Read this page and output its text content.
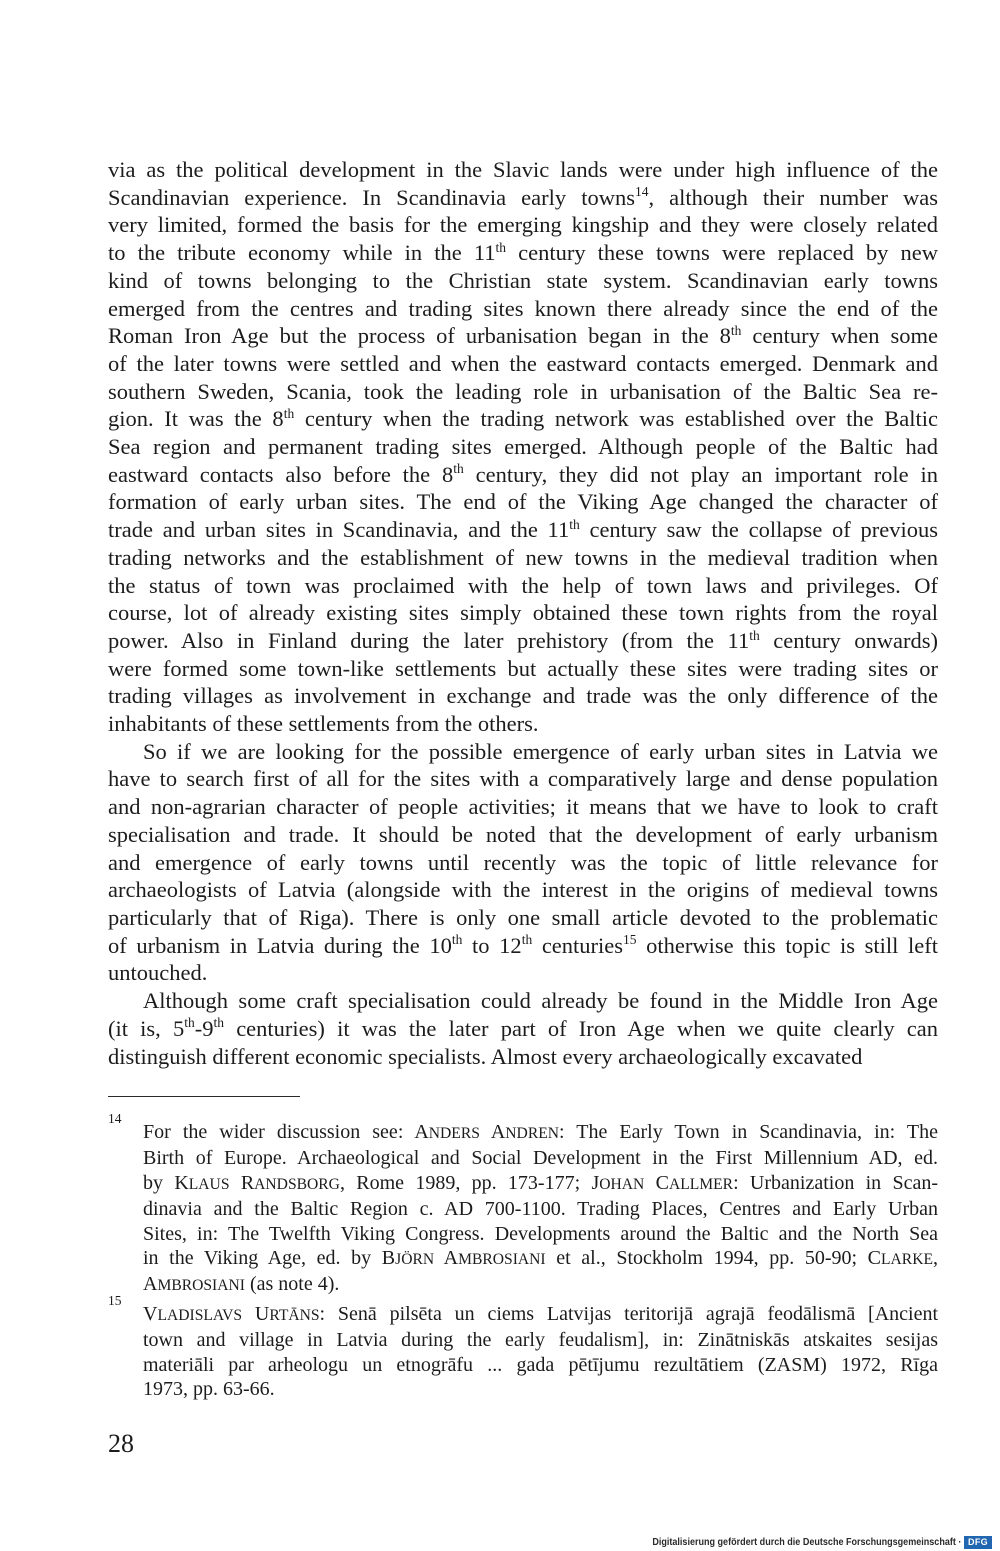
via as the political development in the Slavic lands were under high influence of the
Scandinavian experience. In Scandinavia early towns$^{14}$, although their number was
very limited, formed the basis for the emerging kingship and they were closely related
to the tribute economy while in the 11th century these towns were replaced by new
kind of towns belonging to the Christian state system. Scandinavian early towns
emerged from the centres and trading sites known there already since the end of the
Roman Iron Age but the process of urbanisation began in the 8th century when some
of the later towns were settled and when the eastward contacts emerged. Denmark and
southern Sweden, Scania, took the leading role in urbanisation of the Baltic Sea re-
gion. It was the 8th century when the trading network was established over the Baltic
Sea region and permanent trading sites emerged. Although people of the Baltic had
eastward contacts also before the 8th century, they did not play an important role in
formation of early urban sites. The end of the Viking Age changed the character of
trade and urban sites in Scandinavia, and the 11th century saw the collapse of previous
trading networks and the establishment of new towns in the medieval tradition when
the status of town was proclaimed with the help of town laws and privileges. Of
course, lot of already existing sites simply obtained these town rights from the royal
power. Also in Finland during the later prehistory (from the 11th century onwards)
were formed some town-like settlements but actually these sites were trading sites or
trading villages as involvement in exchange and trade was the only difference of the
inhabitants of these settlements from the others.
So if we are looking for the possible emergence of early urban sites in Latvia we
have to search first of all for the sites with a comparatively large and dense population
and non-agrarian character of people activities; it means that we have to look to craft
specialisation and trade. It should be noted that the development of early urbanism
and emergence of early towns until recently was the topic of little relevance for
archaeologists of Latvia (alongside with the interest in the origins of medieval towns
particularly that of Riga). There is only one small article devoted to the problematic
of urbanism in Latvia during the 10th to 12th centuries$^{15}$ otherwise this topic is still left
untouched.
Although some craft specialisation could already be found in the Middle Iron Age
(it is, 5th-9th centuries) it was the later part of Iron Age when we quite clearly can
distinguish different economic specialists. Almost every archaeologically excavated
14
For the wider discussion see: ANDERS ANDREN: The Early Town in Scandinavia, in: The
Birth of Europe. Archaeological and Social Development in the First Millennium AD, ed.
by KLAUS RANDSBORG, Rome 1989, pp. 173-177; JOHAN CALLMER: Urbanization in Scan-
dinavia and the Baltic Region c. AD 700-1100. Trading Places, Centres and Early Urban
Sites, in: The Twelfth Viking Congress. Developments around the Baltic and the North Sea
in the Viking Age, ed. by BJÖRN AMBROSIANI et al., Stockholm 1994, pp. 50-90; CLARKE,
AMBROSIANI (as note 4).
15
VLADISLAVS URTĀNS: Senā pilsēta un ciems Latvijas teritorijā agrajā feodālismā [Ancient
town and village in Latvia during the early feudalism], in: Zinātniskās atskaites sesijas
materiāli par arheologu un etnogrāfu ... gada pētījumu rezultātiem (ZASM) 1972, Rīga
1973, pp. 63-66.
28
Digitalisierung gefördert durch die Deutsche Forschungsgemeinschaft · DFG
